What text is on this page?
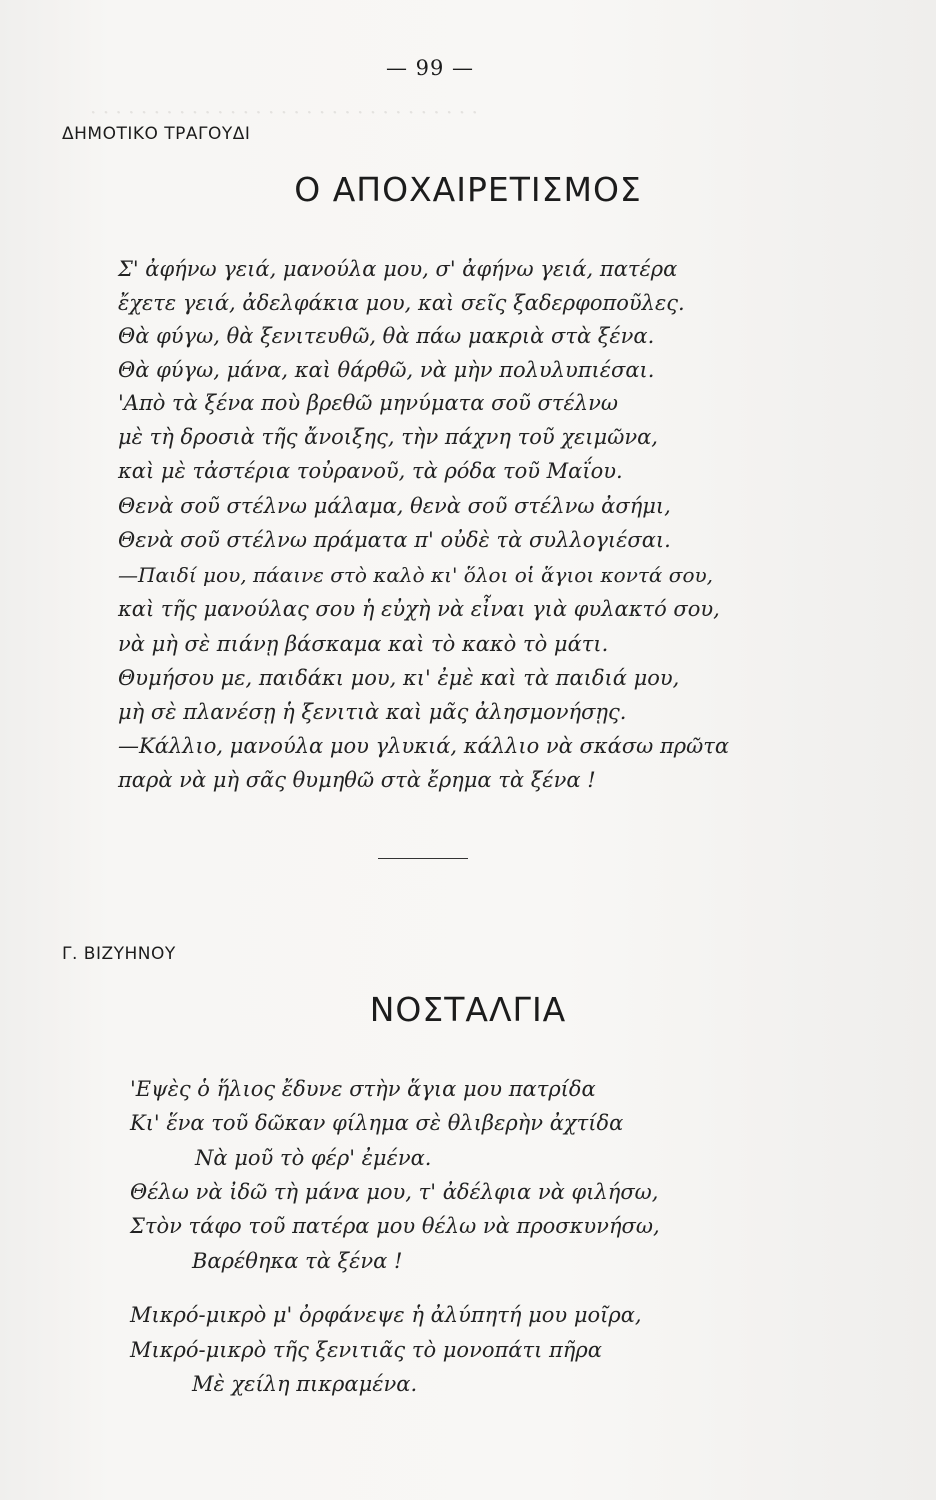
· · · · · · · · · · · · · · · · · · · · · · · · · · · · · · ·
— 99 —
ΔΗΜΟΤΙΚΟ ΤΡΑΓΟΥΔΙ
Ο ΑΠΟΧΑΙΡΕΤΙΣΜΟΣ
Σ' ἀφήνω γειά, μανούλα μου, σ' ἀφήνω γειά, πατέρα
ἔχετε γειά, ἀδελφάκια μου, καὶ σεῖς ξαδερφοποῦλες.
Θὰ φύγω, θὰ ξενιτευθῶ, θὰ πάω μακριὰ στὰ ξένα.
Θὰ φύγω, μάνα, καὶ θάρθῶ, νὰ μὴν πολυλυπιέσαι.
'Απὸ τὰ ξένα ποὺ βρεθῶ μηνύματα σοῦ στέλνω
μὲ τὴ δροσιὰ τῆς ἄνοιξης, τὴν πάχνη τοῦ χειμῶνα,
καὶ μὲ τἀστέρια τοὐρανοῦ, τὰ ρόδα τοῦ Μαΐου.
Θενὰ σοῦ στέλνω μάλαμα, θενὰ σοῦ στέλνω ἀσήμι,
Θενὰ σοῦ στέλνω πράματα π' οὐδὲ τὰ συλλογιέσαι.
—Παιδί μου, πάαινε στὸ καλὸ κι' ὅλοι οἱ ἅγιοι κοντά σου,
καὶ τῆς μανούλας σου ἡ εὐχὴ νὰ εἶναι γιὰ φυλακτό σου,
νὰ μὴ σὲ πιάνῃ βάσκαμα καὶ τὸ κακὸ τὸ μάτι.
Θυμήσου με, παιδάκι μου, κι' ἐμὲ καὶ τὰ παιδιά μου,
μὴ σὲ πλανέσῃ ἡ ξενιτιὰ καὶ μᾶς ἀλησμονήσῃς.
—Κάλλιο, μανούλα μου γλυκιά, κάλλιο νὰ σκάσω πρῶτα
παρὰ νὰ μὴ σᾶς θυμηθῶ στὰ ἔρημα τὰ ξένα !
Γ. ΒΙΖΥΗΝΟΥ
ΝΟΣΤΑΛΓΙΑ
'Εψὲς ὁ ἥλιος ἔδυνε στὴν ἅγια μου πατρίδα
Κι' ἕνα τοῦ δῶκαν φίλημα σὲ θλιβερὴν ἀχτίδα
Νὰ μοῦ τὸ φέρ' ἐμένα.
Θέλω νὰ ἰδῶ τὴ μάνα μου, τ' ἀδέλφια νὰ φιλήσω,
Στὸν τάφο τοῦ πατέρα μου θέλω νὰ προσκυνήσω,
Βαρέθηκα τὰ ξένα !
Μικρό-μικρὸ μ' ὀρφάνεψε ἡ ἀλύπητή μου μοῖρα,
Μικρό-μικρὸ τῆς ξενιτιᾶς τὸ μονοπάτι πῆρα
Μὲ χείλη πικραμένα.
